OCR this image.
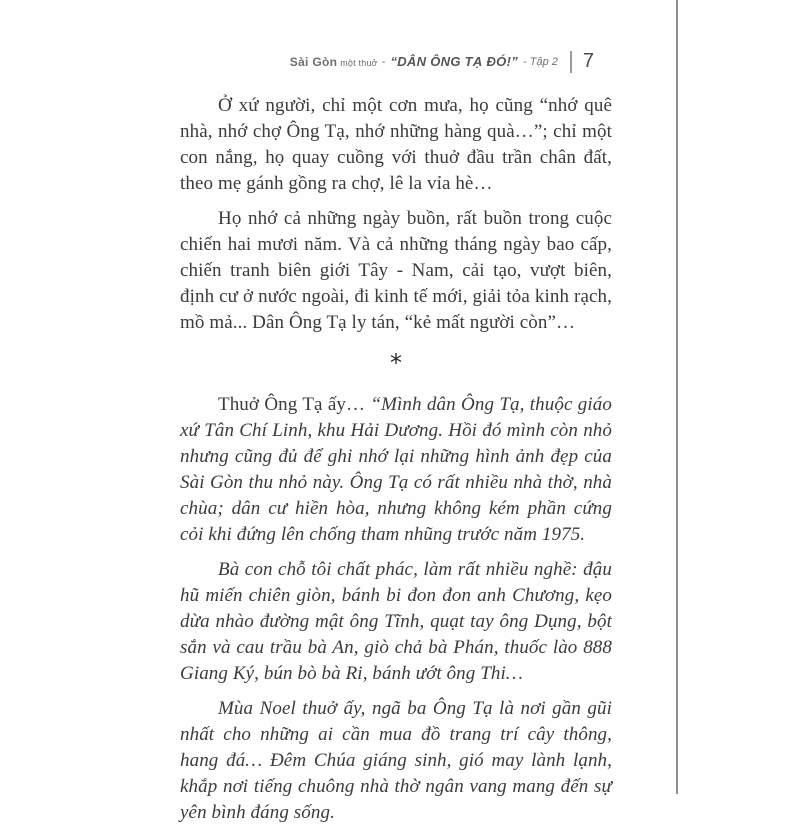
Sài Gòn một thuở - “DÂN ÔNG TẠ ĐÓ!” - Tập 2 7

Ở xứ người, chỉ một cơn mưa, họ cũng “nhớ quê nhà, nhớ chợ Ông Tạ, nhớ những hàng quà…”; chỉ một con nắng, họ quay cuồng với thuở đầu trần chân đất, theo mẹ gánh gồng ra chợ, lê la vỉa hè…

Họ nhớ cả những ngày buồn, rất buồn trong cuộc chiến hai mươi năm. Và cả những tháng ngày bao cấp, chiến tranh biên giới Tây - Nam, cải tạo, vượt biên, định cư ở nước ngoài, đi kinh tế mới, giải tỏa kinh rạch, mồ mả... Dân Ông Tạ ly tán, “kẻ mất người còn”…

*

Thuở Ông Tạ ấy… “Mình dân Ông Tạ, thuộc giáo xứ Tân Chí Linh, khu Hải Dương. Hồi đó mình còn nhỏ nhưng cũng đủ để ghi nhớ lại những hình ảnh đẹp của Sài Gòn thu nhỏ này. Ông Tạ có rất nhiều nhà thờ, nhà chùa; dân cư hiền hòa, nhưng không kém phần cứng cỏi khi đứng lên chống tham nhũng trước năm 1975.

Bà con chỗ tôi chất phác, làm rất nhiều nghề: đậu hũ miến chiên giòn, bánh bi đon đon anh Chương, kẹo dừa nhào đường mật ông Tĩnh, quạt tay ông Dụng, bột sắn và cau trầu bà An, giò chả bà Phán, thuốc lào 888 Giang Ký, bún bò bà Ri, bánh ướt ông Thi…

Mùa Noel thuở ấy, ngã ba Ông Tạ là nơi gần gũi nhất cho những ai cần mua đồ trang trí cây thông, hang đá… Đêm Chúa giáng sinh, gió may lành lạnh, khắp nơi tiếng chuông nhà thờ ngân vang mang đến sự yên bình đáng sống.
